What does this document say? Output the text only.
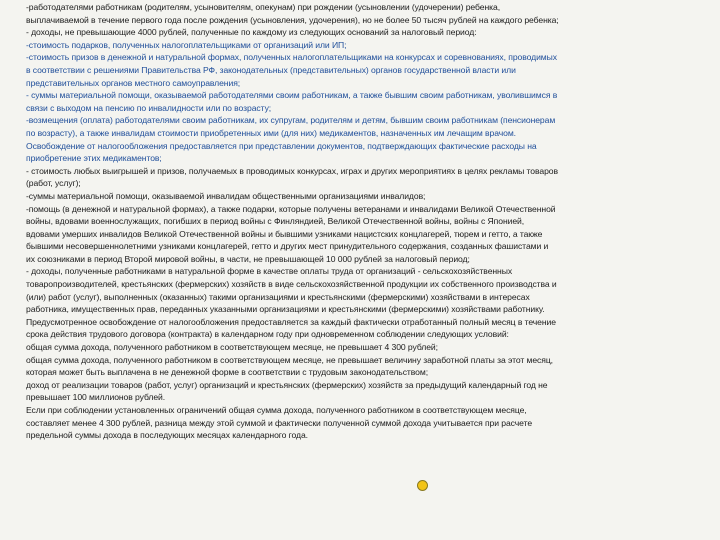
-работодателями работникам (родителям, усыновителям, опекунам) при рождении (усыновлении (удочерении) ребенка,

выплачиваемой в течение первого года после рождения (усыновления, удочерения), но не более 50 тысяч рублей на каждого ребенка;

- доходы, не превышающие 4000 рублей, полученные по каждому из следующих оснований за налоговый период:

-стоимость подарков, полученных налогоплательщиками от организаций или ИП;

-стоимость призов в денежной и натуральной формах, полученных налогоплательщиками на конкурсах и соревнованиях, проводимых

в соответствии с решениями Правительства РФ, законодательных (представительных) органов государственной власти или

представительных органов местного самоуправления;

- суммы материальной помощи, оказываемой работодателями своим работникам, а также бывшим своим работникам, уволившимся в

связи с выходом на пенсию по инвалидности или по возрасту;

-возмещения (оплата) работодателями своим работникам, их супругам, родителям и детям, бывшим своим работникам (пенсионерам

по возрасту), а также инвалидам стоимости приобретенных ими (для них) медикаментов, назначенных им лечащим врачом.

Освобождение от налогообложения предоставляется при представлении документов, подтверждающих фактические расходы на

приобретение этих медикаментов;

- стоимость любых выигрышей и призов, получаемых в проводимых конкурсах, играх и других мероприятиях в целях рекламы товаров

(работ, услуг);

-суммы материальной помощи, оказываемой инвалидам общественными организациями инвалидов;

-помощь (в денежной и натуральной формах), а также подарки, которые получены ветеранами и инвалидами Великой Отечественной

войны, вдовами военнослужащих, погибших в период войны с Финляндией, Великой Отечественной войны, войны с Японией,

вдовами умерших инвалидов Великой Отечественной войны и бывшими узниками нацистских концлагерей, тюрем и гетто, а также

бывшими несовершеннолетними узниками концлагерей, гетто и других мест принудительного содержания, созданных фашистами и

их союзниками в период Второй мировой войны, в части, не превышающей 10 000 рублей за налоговый период;

- доходы, полученные работниками в натуральной форме в качестве оплаты труда от организаций - сельскохозяйственных

товаропроизводителей, крестьянских (фермерских) хозяйств в виде сельскохозяйственной продукции их собственного производства и

(или) работ (услуг), выполненных (оказанных) такими организациями и крестьянскими (фермерскими) хозяйствами в интересах

работника, имущественных прав, переданных указанными организациями и крестьянскими (фермерскими) хозяйствами работнику.

Предусмотренное освобождение от налогообложения предоставляется за каждый фактически отработанный полный месяц в течение

срока действия трудового договора (контракта) в календарном году при одновременном соблюдении следующих условий:

общая сумма дохода, полученного работником в соответствующем месяце, не превышает 4 300 рублей;

общая сумма дохода, полученного работником в соответствующем месяце, не превышает величину заработной платы за этот месяц,

которая может быть выплачена в не денежной форме в соответствии с трудовым законодательством;

доход от реализации товаров (работ, услуг) организаций и крестьянских (фермерских) хозяйств за предыдущий календарный год не

превышает 100 миллионов рублей.

Если при соблюдении установленных ограничений общая сумма дохода, полученного работником в соответствующем месяце,

составляет менее 4 300 рублей, разница между этой суммой и фактически полученной суммой дохода учитывается при расчете

предельной суммы дохода в последующих месяцах календарного года.
